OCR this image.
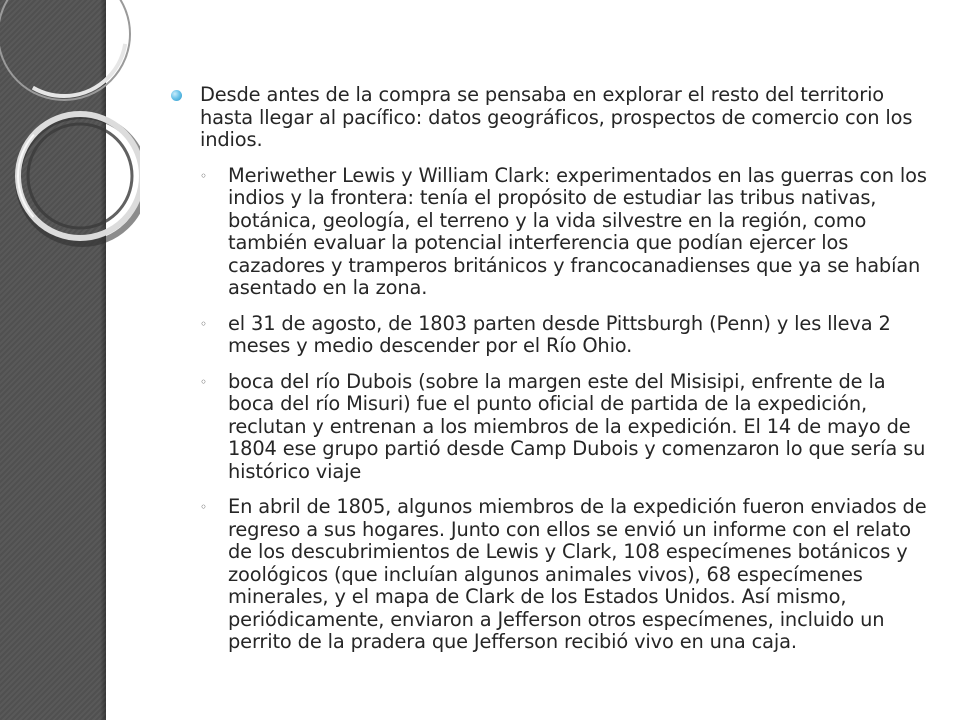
Desde antes de la compra se pensaba en explorar el resto del territorio hasta llegar al pacífico: datos geográficos, prospectos de comercio con los indios.
◦ Meriwether Lewis y William Clark: experimentados en las guerras con los indios y la frontera: tenía el propósito de estudiar las tribus nativas, botánica, geología, el terreno y la vida silvestre en la región, como también evaluar la potencial interferencia que podían ejercer los cazadores y tramperos británicos y francocanadienses que ya se habían asentado en la zona.
◦ el 31 de agosto, de 1803 parten desde Pittsburgh (Penn) y les lleva 2 meses y medio descender por el Río Ohio.
◦ boca del río Dubois (sobre la margen este del Misisipi, enfrente de la boca del río Misuri) fue el punto oficial de partida de la expedición, reclutan y entrenan a los miembros de la expedición. El 14 de mayo de 1804 ese grupo partió desde Camp Dubois y comenzaron lo que sería su histórico viaje
◦ En abril de 1805, algunos miembros de la expedición fueron enviados de regreso a sus hogares. Junto con ellos se envió un informe con el relato de los descubrimientos de Lewis y Clark, 108 especímenes botánicos y zoológicos (que incluían algunos animales vivos), 68 especímenes minerales, y el mapa de Clark de los Estados Unidos. Así mismo, periódicamente, enviaron a Jefferson otros especímenes, incluido un perrito de la pradera que Jefferson recibió vivo en una caja.
